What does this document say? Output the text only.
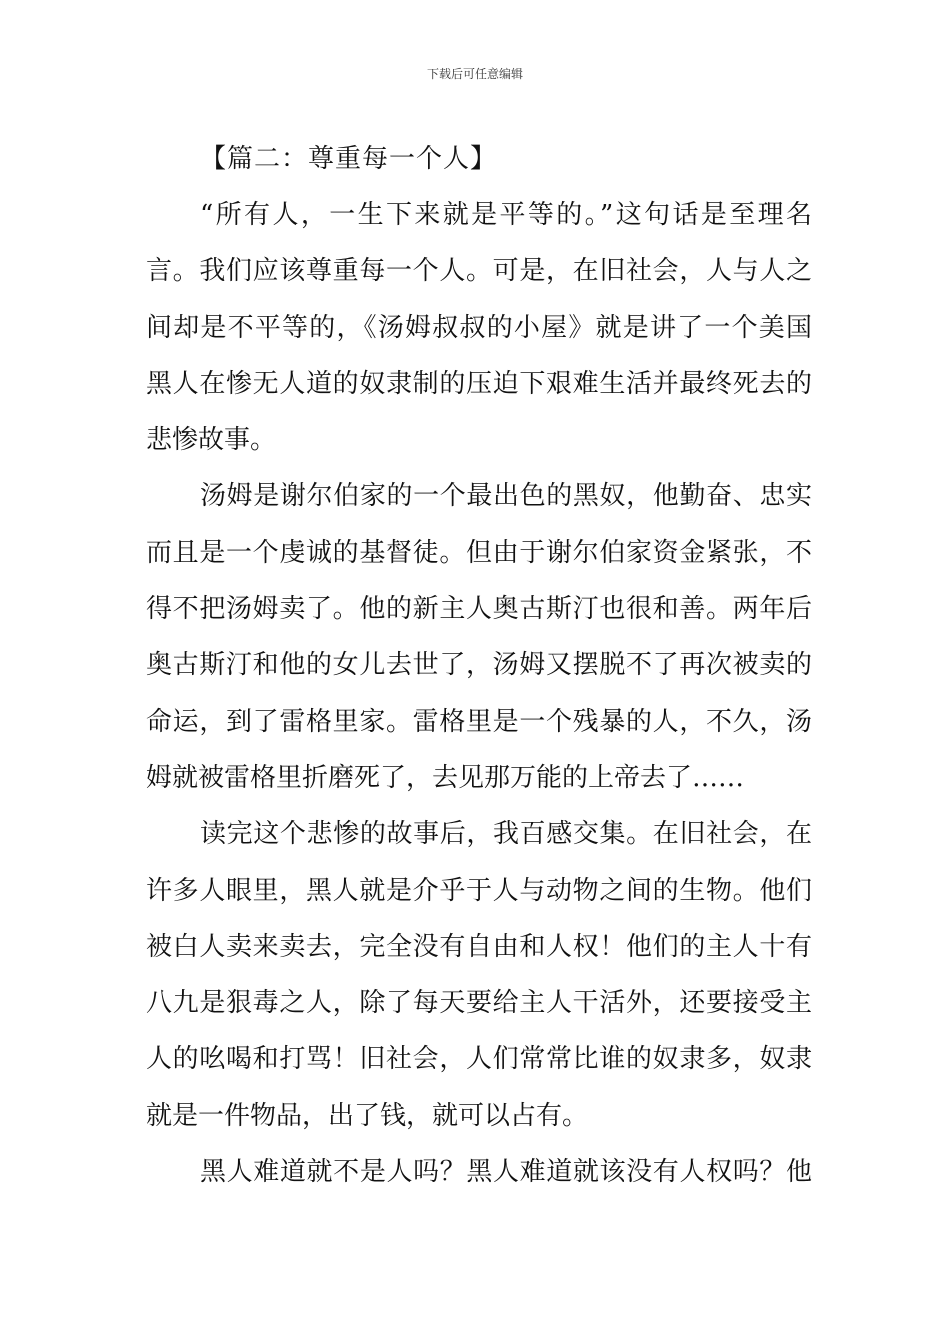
下载后可任意编辑
【篇二：尊重每一个人】
“所有人，一生下来就是平等的。”这句话是至理名
言。我们应该尊重每一个人。可是，在旧社会，人与人之
间却是不平等的，《汤姆叔叔的小屋》就是讲了一个美国
黑人在惨无人道的奴隶制的压迫下艰难生活并最终死去的
悲惨故事。
汤姆是谢尔伯家的一个最出色的黑奴，他勤奋、忠实
而且是一个虔诚的基督徒。但由于谢尔伯家资金紧张，不
得不把汤姆卖了。他的新主人奥古斯汀也很和善。两年后
奥古斯汀和他的女儿去世了，汤姆又摆脱不了再次被卖的
命运，到了雷格里家。雷格里是一个残暴的人，不久，汤
姆就被雷格里折磨死了，去见那万能的上帝去了……
读完这个悲惨的故事后，我百感交集。在旧社会，在
许多人眼里，黑人就是介乎于人与动物之间的生物。他们
被白人卖来卖去，完全没有自由和人权！他们的主人十有
八九是狠毒之人，除了每天要给主人干活外，还要接受主
人的吆喝和打骂！旧社会，人们常常比谁的奴隶多，奴隶
就是一件物品，出了钱，就可以占有。
黑人难道就不是人吗？黑人难道就该没有人权吗？他
